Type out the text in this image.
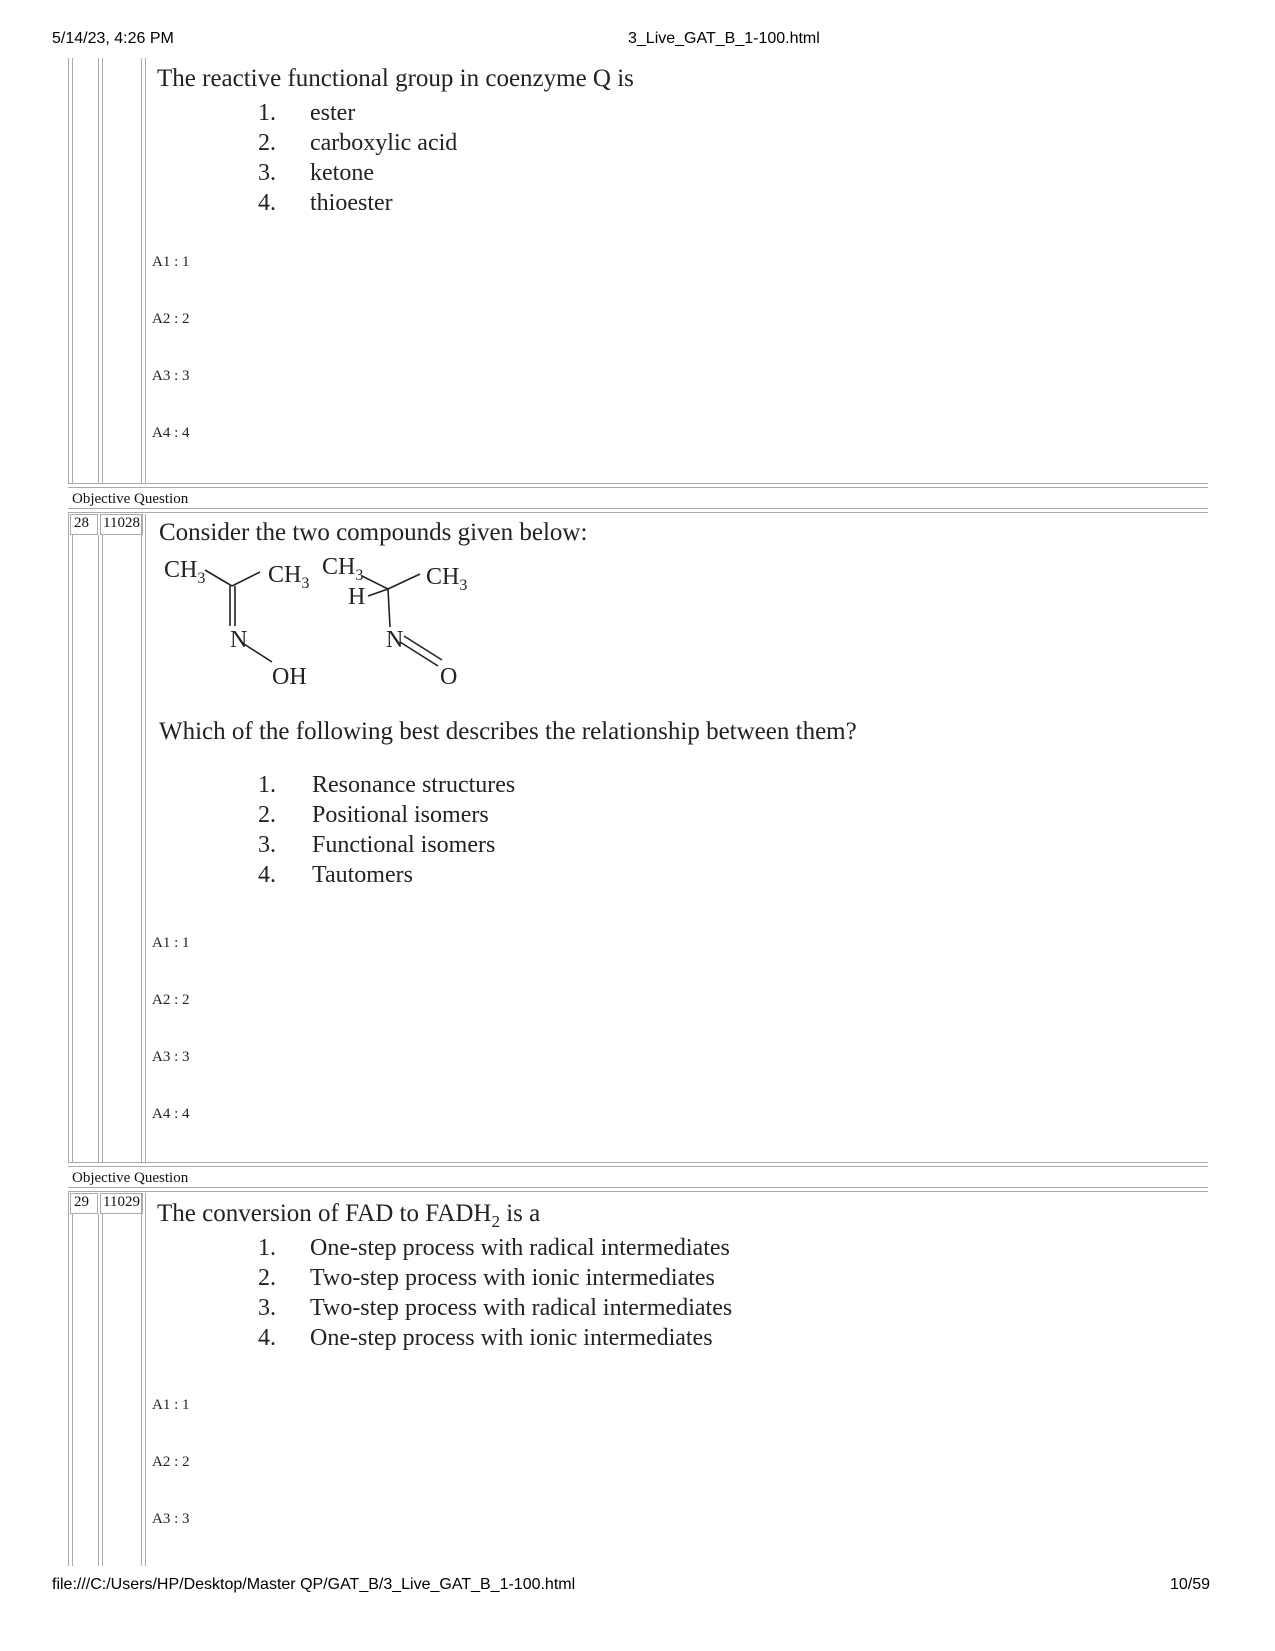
5/14/23, 4:26 PM	3_Live_GAT_B_1-100.html
Objective Question
28 11028
Objective Question
29 11029
The reactive functional group in coenzyme Q is
1. ester
2. carboxylic acid
3. ketone
4. thioester
A1 : 1
A2 : 2
A3 : 3
A4 : 4
Consider the two compounds given below:
$CH_3$	$CH_3$
N
OH
$CH_3$	$CH_3$
H
N
O
Which of the following best describes the relationship between them?
1. Resonance structures
2. Positional isomers
3. Functional isomers
4. Tautomers
A1 : 1
A2 : 2
A3 : 3
A4 : 4
The conversion of FAD to $FADH_2$ is a
1. One-step process with radical intermediates
2. Two-step process with ionic intermediates
3. Two-step process with radical intermediates
4. One-step process with ionic intermediates
A1 : 1
A2 : 2
A3 : 3
file:///C:/Users/HP/Desktop/Master QP/GAT_B/3_Live_GAT_B_1-100.html	10/59
